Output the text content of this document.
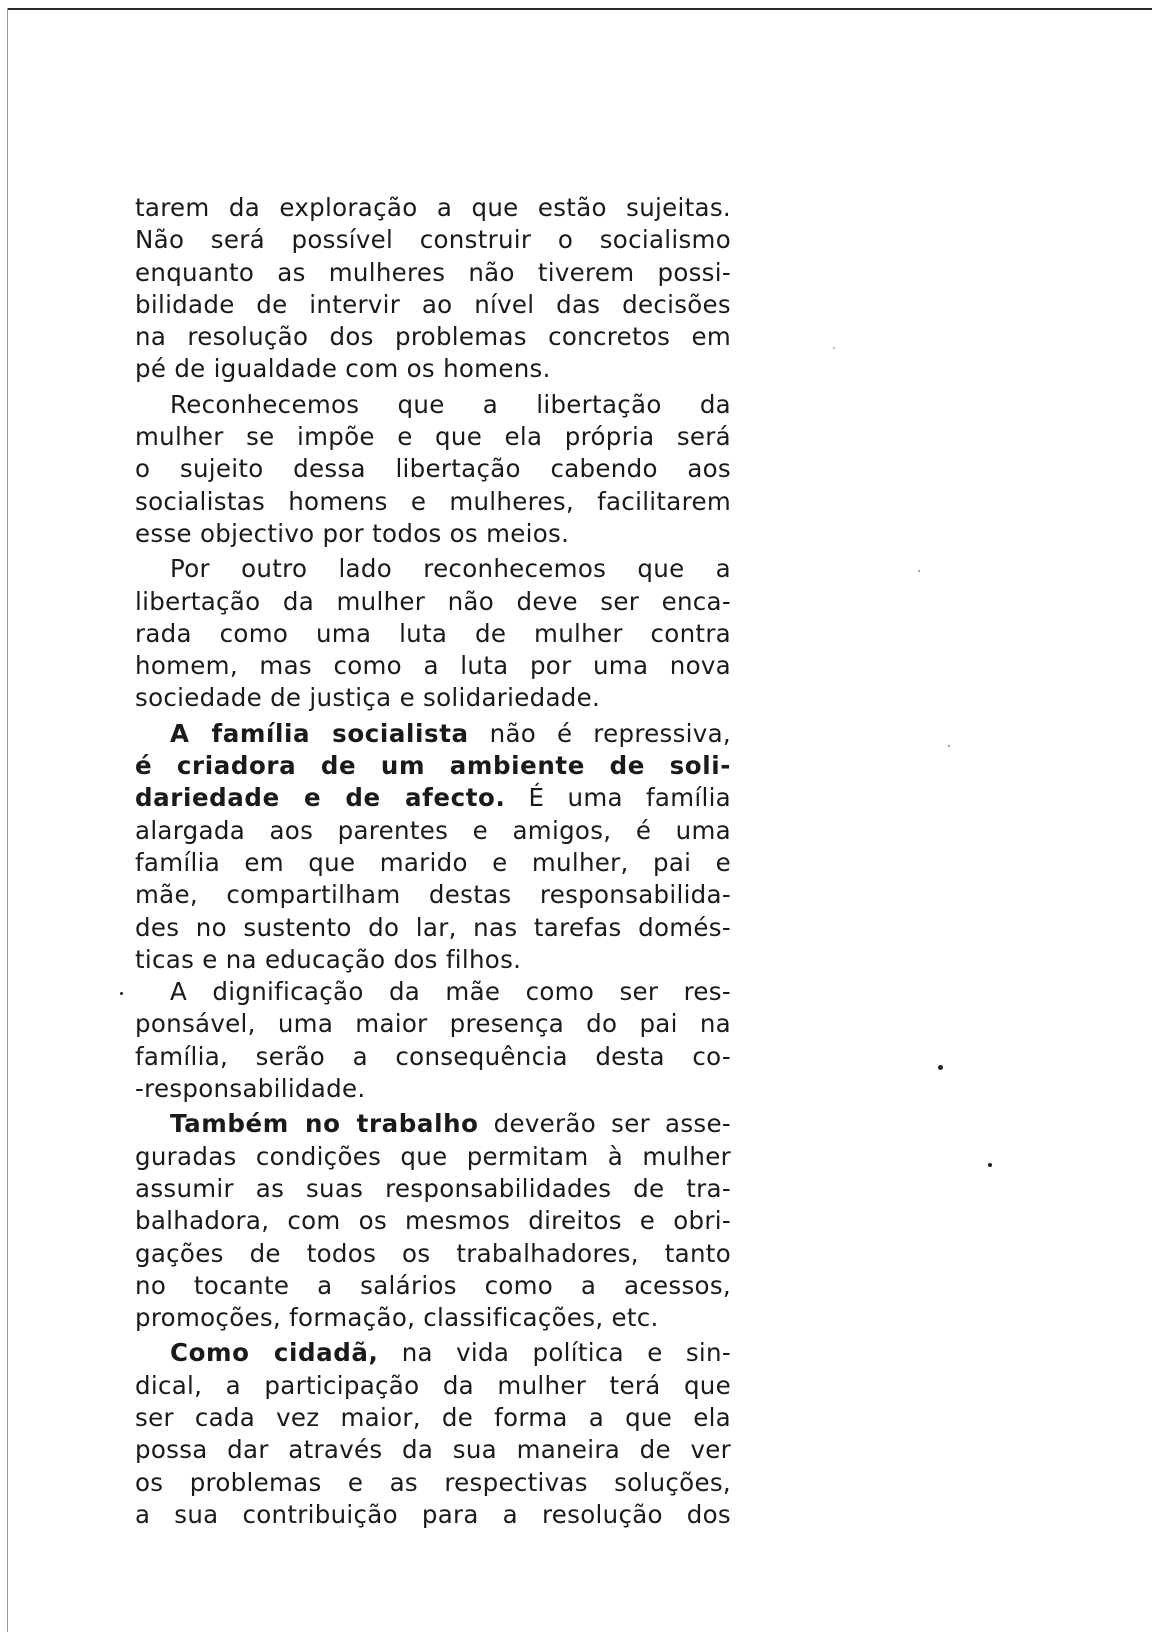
tarem da exploração a que estão sujeitas.
Não será possível construir o socialismo
enquanto as mulheres não tiverem possi-
bilidade de intervir ao nível das decisões
na resolução dos problemas concretos em
pé de igualdade com os homens.
Reconhecemos que a libertação da
mulher se impõe e que ela própria será
o sujeito dessa libertação cabendo aos
socialistas homens e mulheres, facilitarem
esse objectivo por todos os meios.
Por outro lado reconhecemos que a
libertação da mulher não deve ser enca-
rada como uma luta de mulher contra
homem, mas como a luta por uma nova
sociedade de justiça e solidariedade.
A família socialista não é repressiva,
é criadora de um ambiente de soli-
dariedade e de afecto. É uma família
alargada aos parentes e amigos, é uma
família em que marido e mulher, pai e
mãe, compartilham destas responsabilida-
des no sustento do lar, nas tarefas domés-
ticas e na educação dos filhos.
A dignificação da mãe como ser res-
ponsável, uma maior presença do pai na
família, serão a consequência desta co-
-responsabilidade.
Também no trabalho deverão ser asse-
guradas condições que permitam à mulher
assumir as suas responsabilidades de tra-
balhadora, com os mesmos direitos e obri-
gações de todos os trabalhadores, tanto
no tocante a salários como a acessos,
promoções, formação, classificações, etc.
Como cidadã, na vida política e sin-
dical, a participação da mulher terá que
ser cada vez maior, de forma a que ela
possa dar através da sua maneira de ver
os problemas e as respectivas soluções,
a sua contribuição para a resolução dos
